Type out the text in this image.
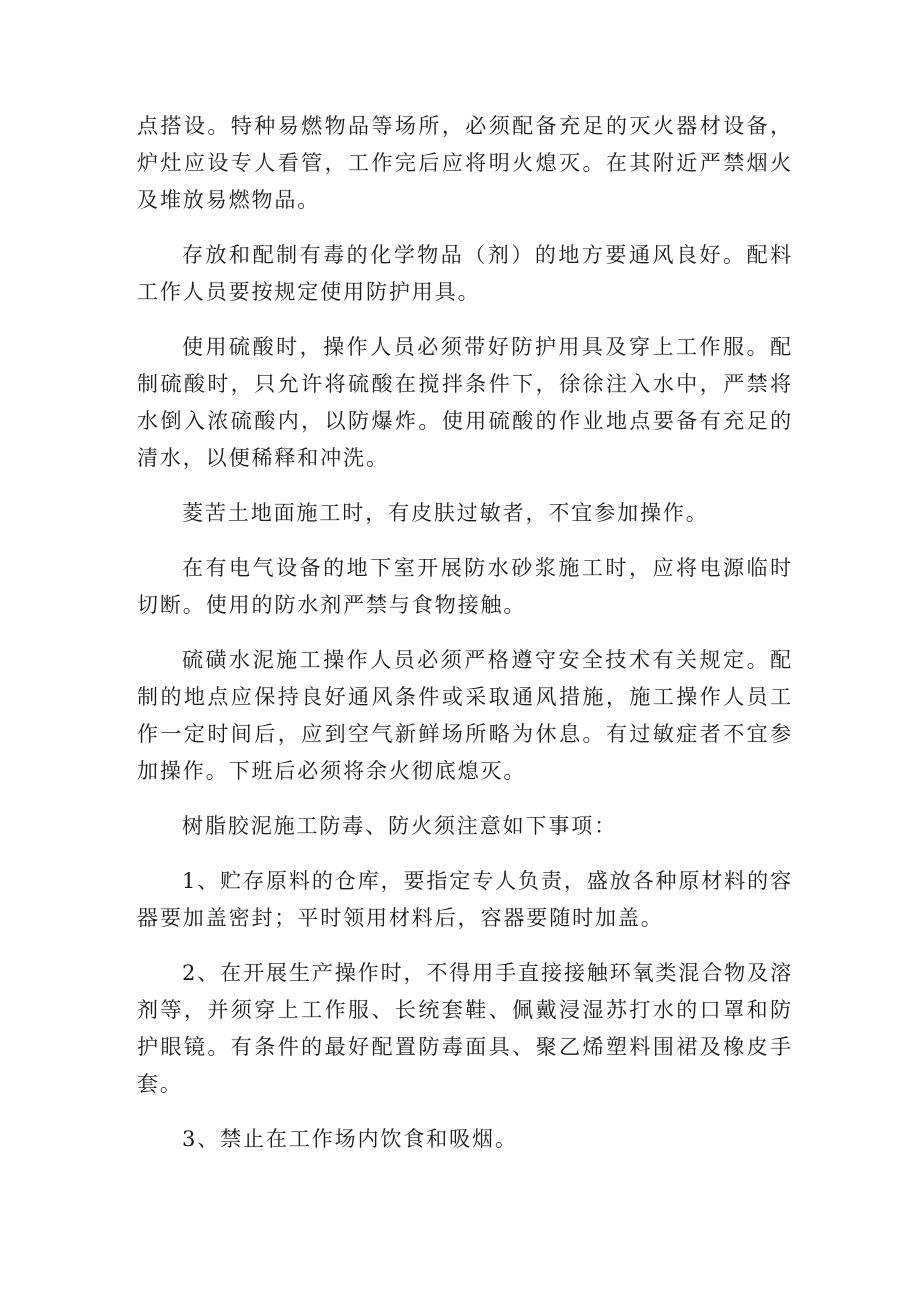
点搭设。特种易燃物品等场所，必须配备充足的灭火器材设备，炉灶应设专人看管，工作完后应将明火熄灭。在其附近严禁烟火及堆放易燃物品。

存放和配制有毒的化学物品（剂）的地方要通风良好。配料工作人员要按规定使用防护用具。

使用硫酸时，操作人员必须带好防护用具及穿上工作服。配制硫酸时，只允许将硫酸在搅拌条件下，徐徐注入水中，严禁将水倒入浓硫酸内，以防爆炸。使用硫酸的作业地点要备有充足的清水，以便稀释和冲洗。

菱苦土地面施工时，有皮肤过敏者，不宜参加操作。

在有电气设备的地下室开展防水砂浆施工时，应将电源临时切断。使用的防水剂严禁与食物接触。

硫磺水泥施工操作人员必须严格遵守安全技术有关规定。配制的地点应保持良好通风条件或采取通风措施，施工操作人员工作一定时间后，应到空气新鲜场所略为休息。有过敏症者不宜参加操作。下班后必须将余火彻底熄灭。

树脂胶泥施工防毒、防火须注意如下事项：

1、贮存原料的仓库，要指定专人负责，盛放各种原材料的容器要加盖密封；平时领用材料后，容器要随时加盖。

2、在开展生产操作时，不得用手直接接触环氧类混合物及溶剂等，并须穿上工作服、长统套鞋、佩戴浸湿苏打水的口罩和防护眼镜。有条件的最好配置防毒面具、聚乙烯塑料围裙及橡皮手套。

3、禁止在工作场内饮食和吸烟。
